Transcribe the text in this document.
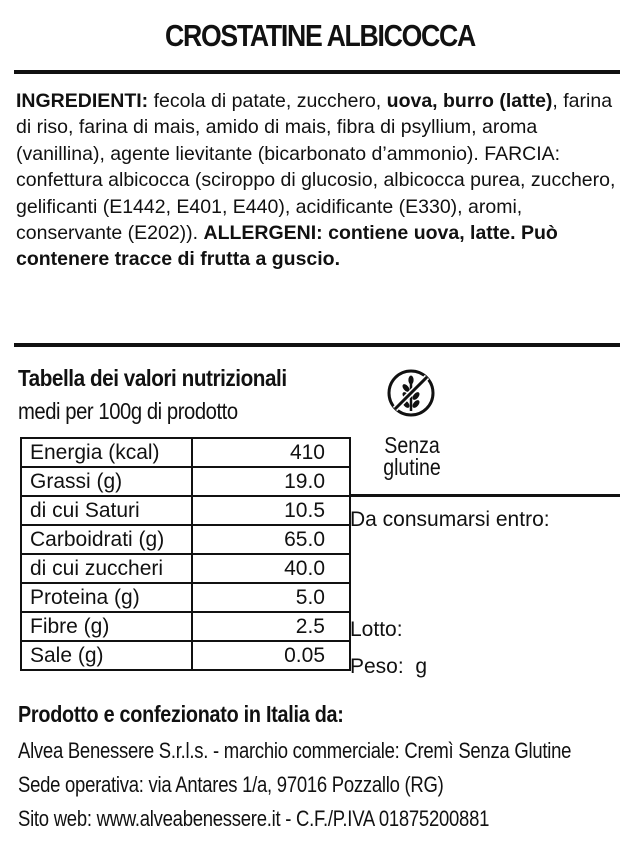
CROSTATINE ALBICOCCA
INGREDIENTI: fecola di patate, zucchero, uova, burro (latte), farina di riso, farina di mais, amido di mais, fibra di psyllium, aroma (vanillina), agente lievitante (bicarbonato d’ammonio). FARCIA: confettura albicocca (sciroppo di glucosio, albicocca purea, zucchero, gelificanti (E1442, E401, E440), acidificante (E330), aromi, conservante (E202)). ALLERGENI: contiene uova, latte. Può contenere tracce di frutta a guscio.
Tabella dei valori nutrizionali
medi per 100g di prodotto
Energia (kcal)	410
Grassi (g)	19.0
di cui Saturi	10.5
Carboidrati (g)	65.0
di cui zuccheri	40.0
Proteina (g)	5.0
Fibre (g)	2.5
Sale (g)	0.05
Senza
glutine
Da consumarsi entro:
Lotto:
Peso:  g
Prodotto e confezionato in Italia da:
Alvea Benessere S.r.l.s. - marchio commerciale: Cremì Senza Glutine
Sede operativa: via Antares 1/a, 97016 Pozzallo (RG)
Sito web: www.alveabenessere.it - C.F./P.IVA 01875200881
